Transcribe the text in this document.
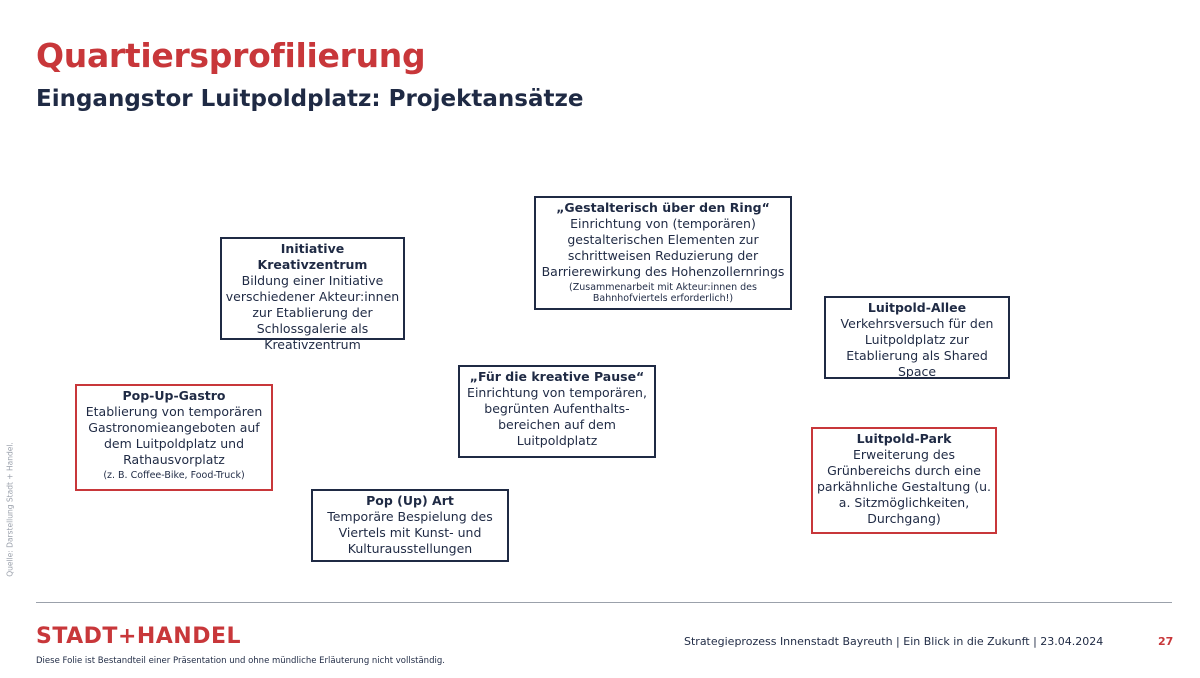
Quartiersprofilierung
Eingangstor Luitpoldplatz: Projektansätze
Initiative Kreativzentrum
Bildung einer Initiative verschiedener Akteur:innen zur Etablierung der Schlossgalerie als Kreativzentrum
„Gestalterisch über den Ring“
Einrichtung von (temporären) gestalterischen Elementen zur schrittweisen Reduzierung der Barrierewirkung des Hohenzollernrings
(Zusammenarbeit mit Akteur:innen des Bahnhofviertels erforderlich!)
Luitpold-Allee
Verkehrsversuch für den Luitpoldplatz zur Etablierung als Shared Space
Pop-Up-Gastro
Etablierung von temporären Gastronomieangeboten auf dem Luitpoldplatz und Rathausvorplatz
(z. B. Coffee-Bike, Food-Truck)
„Für die kreative Pause“
Einrichtung von temporären, begrünten Aufenthalts-bereichen auf dem Luitpoldplatz	Luitpold-Park
Erweiterung des Grünbereichs durch eine parkähnliche Gestaltung (u. a. Sitzmöglichkeiten, Durchgang)
Pop (Up) Art
Temporäre Bespielung des Viertels mit Kunst- und Kulturausstellungen
Quelle: Darstellung Stadt + Handel.
STADT+HANDEL
Diese Folie ist Bestandteil einer Präsentation und ohne mündliche Erläuterung nicht vollständig.
Strategieprozess Innenstadt Bayreuth | Ein Blick in die Zukunft | 23.04.2024	27
